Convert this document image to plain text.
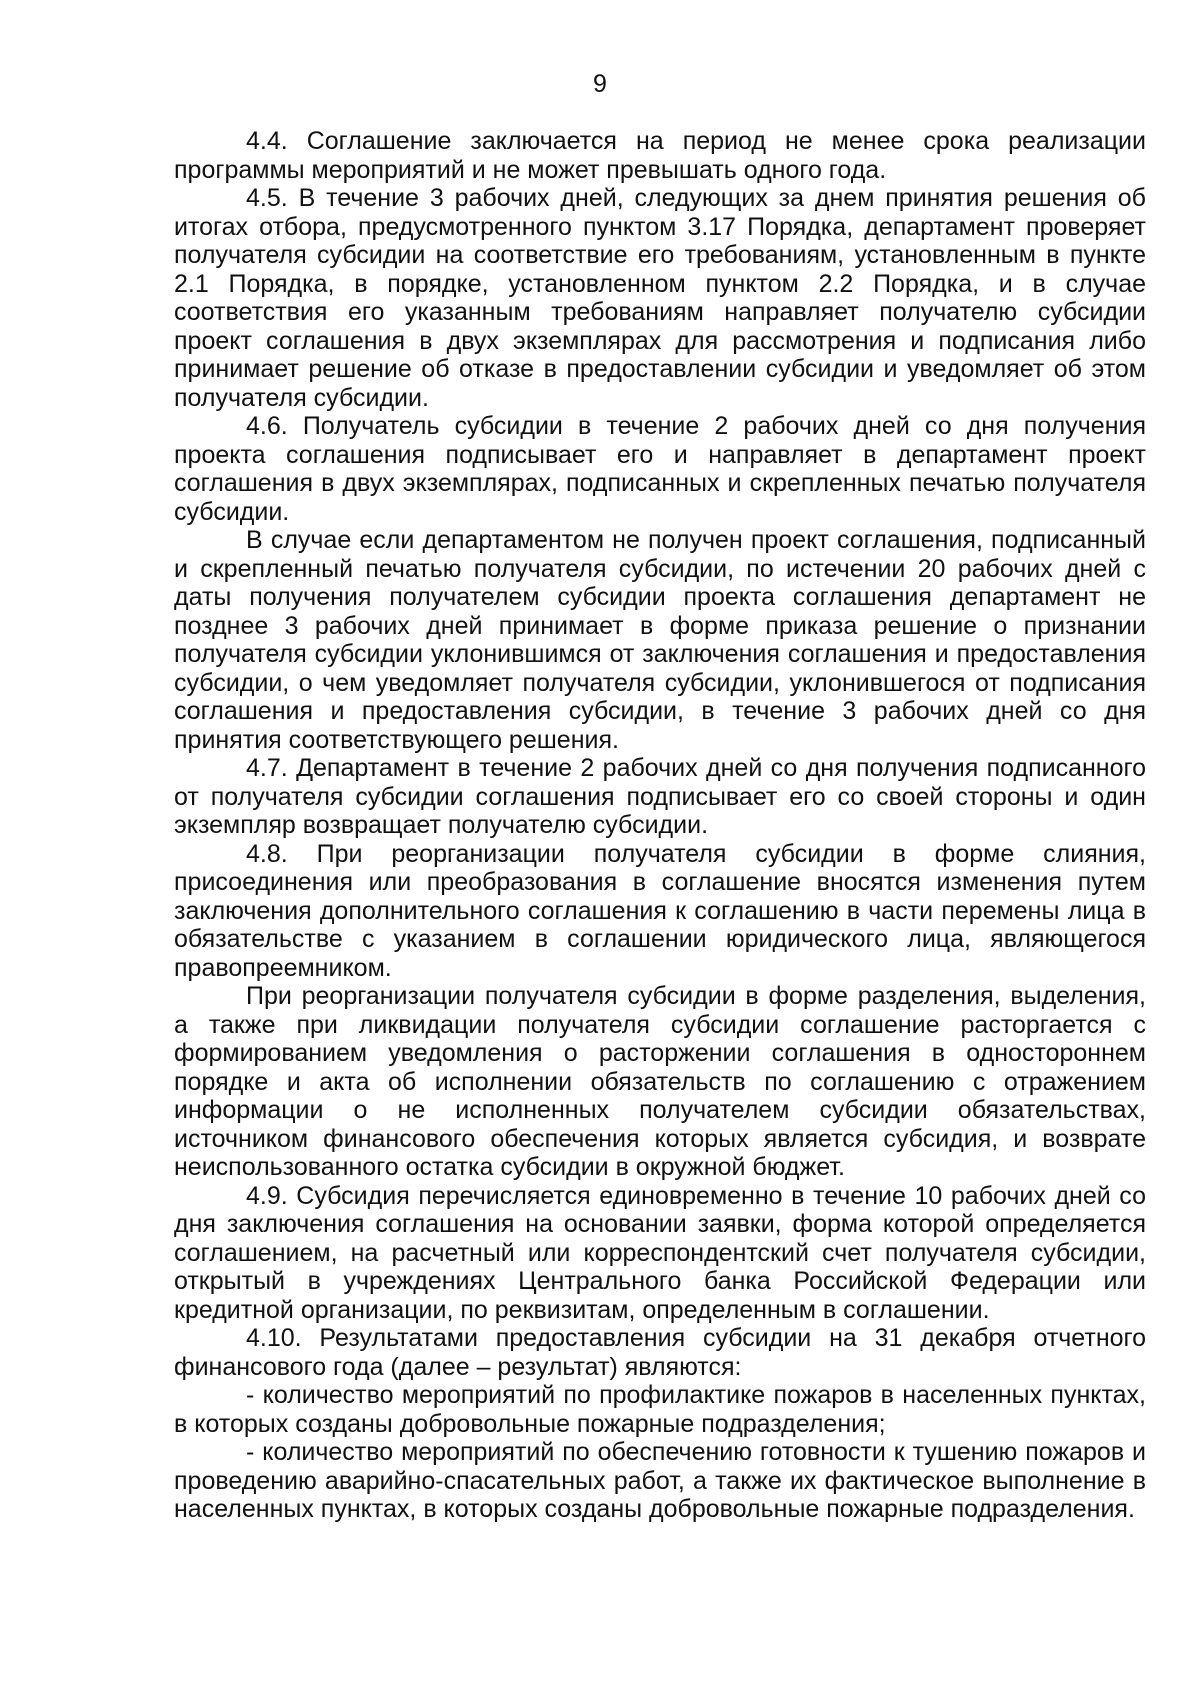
9

4.4. Соглашение заключается на период не менее срока реализации программы мероприятий и не может превышать одного года.

4.5. В течение 3 рабочих дней, следующих за днем принятия решения об итогах отбора, предусмотренного пунктом 3.17 Порядка, департамент проверяет получателя субсидии на соответствие его требованиям, установленным в пункте 2.1 Порядка, в порядке, установленном пунктом 2.2 Порядка, и в случае соответствия его указанным требованиям направляет получателю субсидии проект соглашения в двух экземплярах для рассмотрения и подписания либо принимает решение об отказе в предоставлении субсидии и уведомляет об этом получателя субсидии.

4.6. Получатель субсидии в течение 2 рабочих дней со дня получения проекта соглашения подписывает его и направляет в департамент проект соглашения в двух экземплярах, подписанных и скрепленных печатью получателя субсидии.

В случае если департаментом не получен проект соглашения, подписанный и скрепленный печатью получателя субсидии, по истечении 20 рабочих дней с даты получения получателем субсидии проекта соглашения департамент не позднее 3 рабочих дней принимает в форме приказа решение о признании получателя субсидии уклонившимся от заключения соглашения и предоставления субсидии, о чем уведомляет получателя субсидии, уклонившегося от подписания соглашения и предоставления субсидии, в течение 3 рабочих дней со дня принятия соответствующего решения.

4.7. Департамент в течение 2 рабочих дней со дня получения подписанного от получателя субсидии соглашения подписывает его со своей стороны и один экземпляр возвращает получателю субсидии.

4.8. При реорганизации получателя субсидии в форме слияния, присоединения или преобразования в соглашение вносятся изменения путем заключения дополнительного соглашения к соглашению в части перемены лица в обязательстве с указанием в соглашении юридического лица, являющегося правопреемником.

При реорганизации получателя субсидии в форме разделения, выделения, а также при ликвидации получателя субсидии соглашение расторгается с формированием уведомления о расторжении соглашения в одностороннем порядке и акта об исполнении обязательств по соглашению с отражением информации о не исполненных получателем субсидии обязательствах, источником финансового обеспечения которых является субсидия, и возврате неиспользованного остатка субсидии в окружной бюджет.

4.9. Субсидия перечисляется единовременно в течение 10 рабочих дней со дня заключения соглашения на основании заявки, форма которой определяется соглашением, на расчетный или корреспондентский счет получателя субсидии, открытый в учреждениях Центрального банка Российской Федерации или кредитной организации, по реквизитам, определенным в соглашении.

4.10. Результатами предоставления субсидии на 31 декабря отчетного финансового года (далее – результат) являются:

- количество мероприятий по профилактике пожаров в населенных пунктах, в которых созданы добровольные пожарные подразделения;

- количество мероприятий по обеспечению готовности к тушению пожаров и проведению аварийно-спасательных работ, а также их фактическое выполнение в населенных пунктах, в которых созданы добровольные пожарные подразделения.
